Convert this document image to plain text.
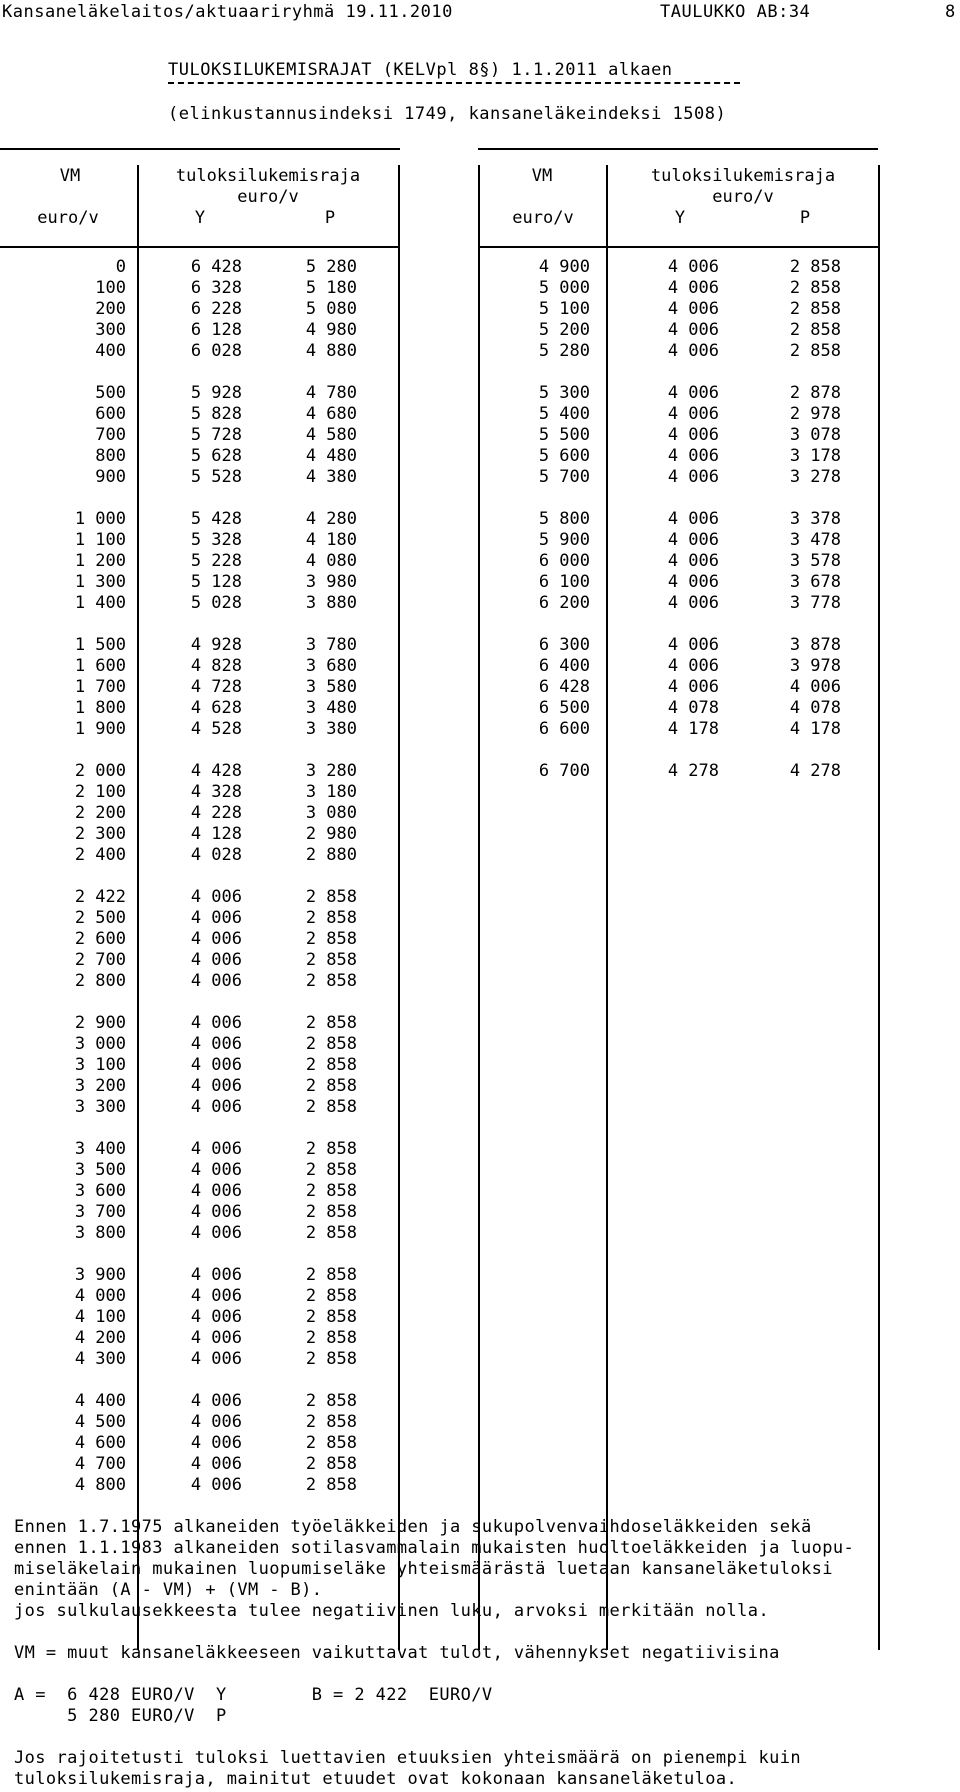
Kansaneläkelaitos/aktuaariryhmä 19.11.2010	TAULUKKO AB:34	8
TULOKSILUKEMISRAJAT (KELVpl 8§) 1.1.2011 alkaen
(elinkustannusindeksi 1749, kansaneläkeindeksi 1508)
VM	tuloksilukemisraja
euro/v
euro/v	Y	P
VM	tuloksilukemisraja
euro/v
euro/v	Y	P
0	6 428	5 280
100	6 328	5 180
200	6 228	5 080
300	6 128	4 980
400	6 028	4 880
500	5 928	4 780
600	5 828	4 680
700	5 728	4 580
800	5 628	4 480
900	5 528	4 380
1 000	5 428	4 280
1 100	5 328	4 180
1 200	5 228	4 080
1 300	5 128	3 980
1 400	5 028	3 880
1 500	4 928	3 780
1 600	4 828	3 680
1 700	4 728	3 580
1 800	4 628	3 480
1 900	4 528	3 380
2 000	4 428	3 280
2 100	4 328	3 180
2 200	4 228	3 080
2 300	4 128	2 980
2 400	4 028	2 880
2 422	4 006	2 858
2 500	4 006	2 858
2 600	4 006	2 858
2 700	4 006	2 858
2 800	4 006	2 858
2 900	4 006	2 858
3 000	4 006	2 858
3 100	4 006	2 858
3 200	4 006	2 858
3 300	4 006	2 858
3 400	4 006	2 858
3 500	4 006	2 858
3 600	4 006	2 858
3 700	4 006	2 858
3 800	4 006	2 858
3 900	4 006	2 858
4 000	4 006	2 858
4 100	4 006	2 858
4 200	4 006	2 858
4 300	4 006	2 858
4 400	4 006	2 858
4 500	4 006	2 858
4 600	4 006	2 858
4 700	4 006	2 858
4 800	4 006	2 858
4 900	4 006	2 858
5 000	4 006	2 858
5 100	4 006	2 858
5 200	4 006	2 858
5 280	4 006	2 858
5 300	4 006	2 878
5 400	4 006	2 978
5 500	4 006	3 078
5 600	4 006	3 178
5 700	4 006	3 278
5 800	4 006	3 378
5 900	4 006	3 478
6 000	4 006	3 578
6 100	4 006	3 678
6 200	4 006	3 778
6 300	4 006	3 878
6 400	4 006	3 978
6 428	4 006	4 006
6 500	4 078	4 078
6 600	4 178	4 178
6 700	4 278	4 278
Ennen 1.7.1975 alkaneiden työeläkkeiden ja sukupolvenvaihdoseläkkeiden sekä
ennen 1.1.1983 alkaneiden sotilasvammalain mukaisten huoltoeläkkeiden ja luopu-
miseläkelain mukainen luopumiseläke yhteismäärästä luetaan kansaneläketuloksi
enintään (A - VM) + (VM - B).
jos sulkulausekkeesta tulee negatiivinen luku, arvoksi merkitään nolla.
VM = muut kansaneläkkeeseen vaikuttavat tulot, vähennykset negatiivisina
A =  6 428 EURO/V  Y        B = 2 422  EURO/V
5 280 EURO/V  P
Jos rajoitetusti tuloksi luettavien etuuksien yhteismäärä on pienempi kuin
tuloksilukemisraja, mainitut etuudet ovat kokonaan kansaneläketuloa.
